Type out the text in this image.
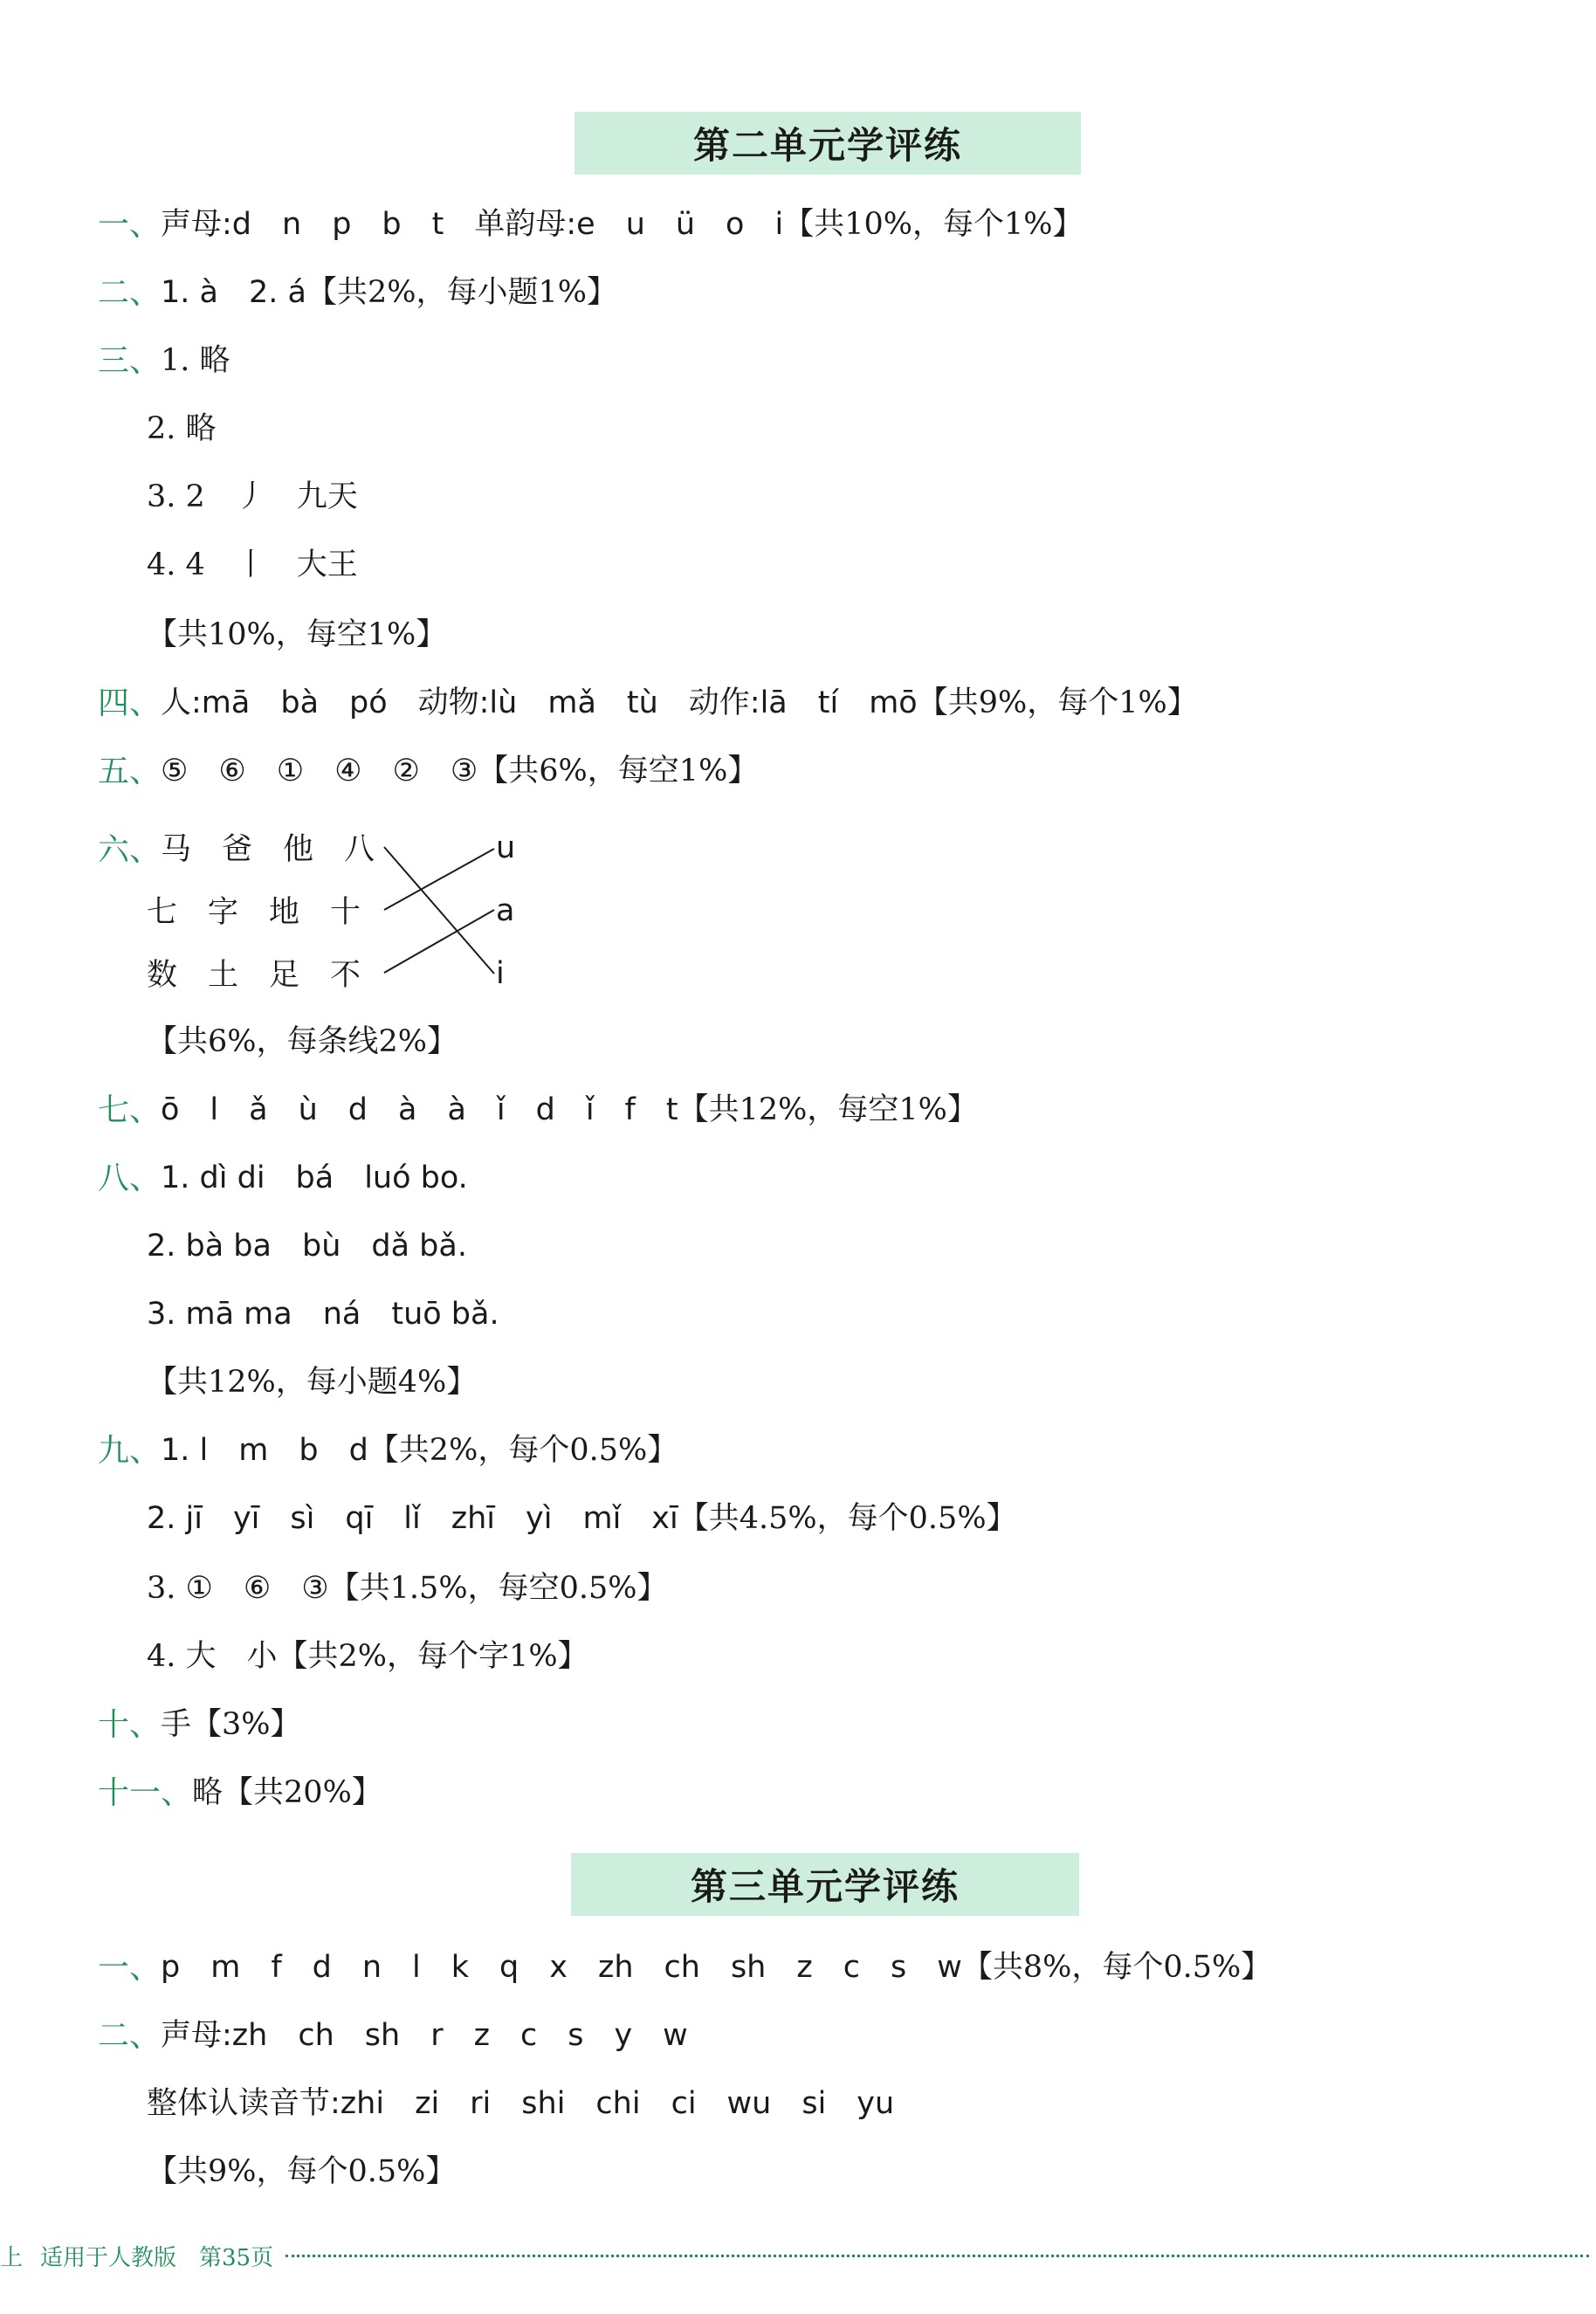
第二单元学评练
一、 声母:d　n　p　b　t　单韵母:e　u　ü　o　i 【共10%，每个1%】
二、 1. à　2. á 【共2%，每小题1%】
三、 1. 略
2. 略
3. 2　丿　九天
4. 4　丨　大王
【共10%，每空1%】
四、 人:mā　bà　pó　动物:lù　mǎ　tù　动作:lā　tí　mō 【共9%，每个1%】
五、 ⑤　⑥　①　④　②　③ 【共6%，每空1%】
六、 马　爸　他　八
七　字　地　十
数　土　足　不
u
a
i
【共6%，每条线2%】
七、 ō　l　ǎ　ù　d　à　à　ǐ　d　ǐ　f　t 【共12%，每空1%】
八、 1. dì di　bá　luó bo.
2. bà ba　bù　dǎ bǎ.
3. mā ma　ná　tuō bǎ.
【共12%，每小题4%】
九、 1. l　m　b　d 【共2%，每个0.5%】
2. jī　yī　sì　qī　lǐ　zhī　yì　mǐ　xī 【共4.5%，每个0.5%】
3. ①　⑥　③ 【共1.5%，每空0.5%】
4. 大　小 【共2%，每个字1%】
十、 手 【3%】
十一、 略 【共20%】
第三单元学评练
一、 p　m　f　d　n　l　k　q　x　zh　ch　sh　z　c　s　w 【共8%，每个0.5%】
二、 声母:zh　ch　sh　r　z　c　s　y　w
整体认读音节:zhi　zi　ri　shi　chi　ci　wu　si　yu
【共9%，每个0.5%】
上 适用于人教版　第35页
